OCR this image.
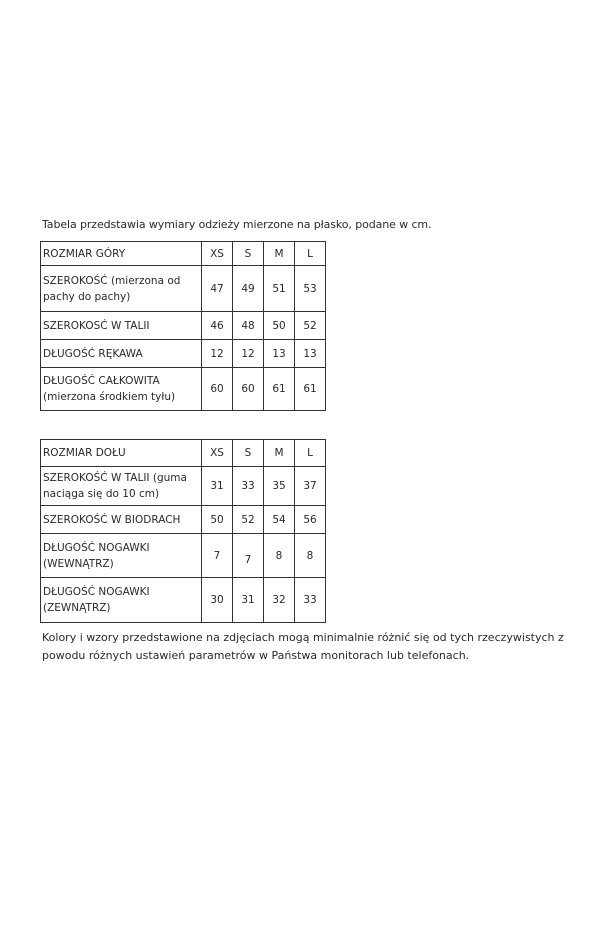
Tabela przedstawia wymiary odzieży mierzone na płasko, podane w cm.
ROZMIAR GÓRY	XS	S	M	L

SZEROKOŚĆ (mierzona od
pachy do pachy)	47	49	51	53

SZEROKOSĆ W TALII	46	48	50	52

DŁUGOŚĆ RĘKAWA	12	12	13	13

DŁUGOŚĆ CAŁKOWITA
(mierzona środkiem tyłu)	60	60	61	61
ROZMIAR DOŁU	XS	S	M	L

SZEROKOŚĆ W TALII (guma
naciąga się do 10 cm)	31	33	35	37

SZEROKOŚĆ W BIODRACH	50	52	54	56

DŁUGOŚĆ NOGAWKI
(WEWNĄTRZ)	7	7	8	8

DŁUGOŚĆ NOGAWKI
(ZEWNĄTRZ)	30	31	32	33
Kolory i wzory przedstawione na zdjęciach mogą minimalnie różnić się od tych rzeczywistych z
powodu różnych ustawień parametrów w Państwa monitorach lub telefonach.
